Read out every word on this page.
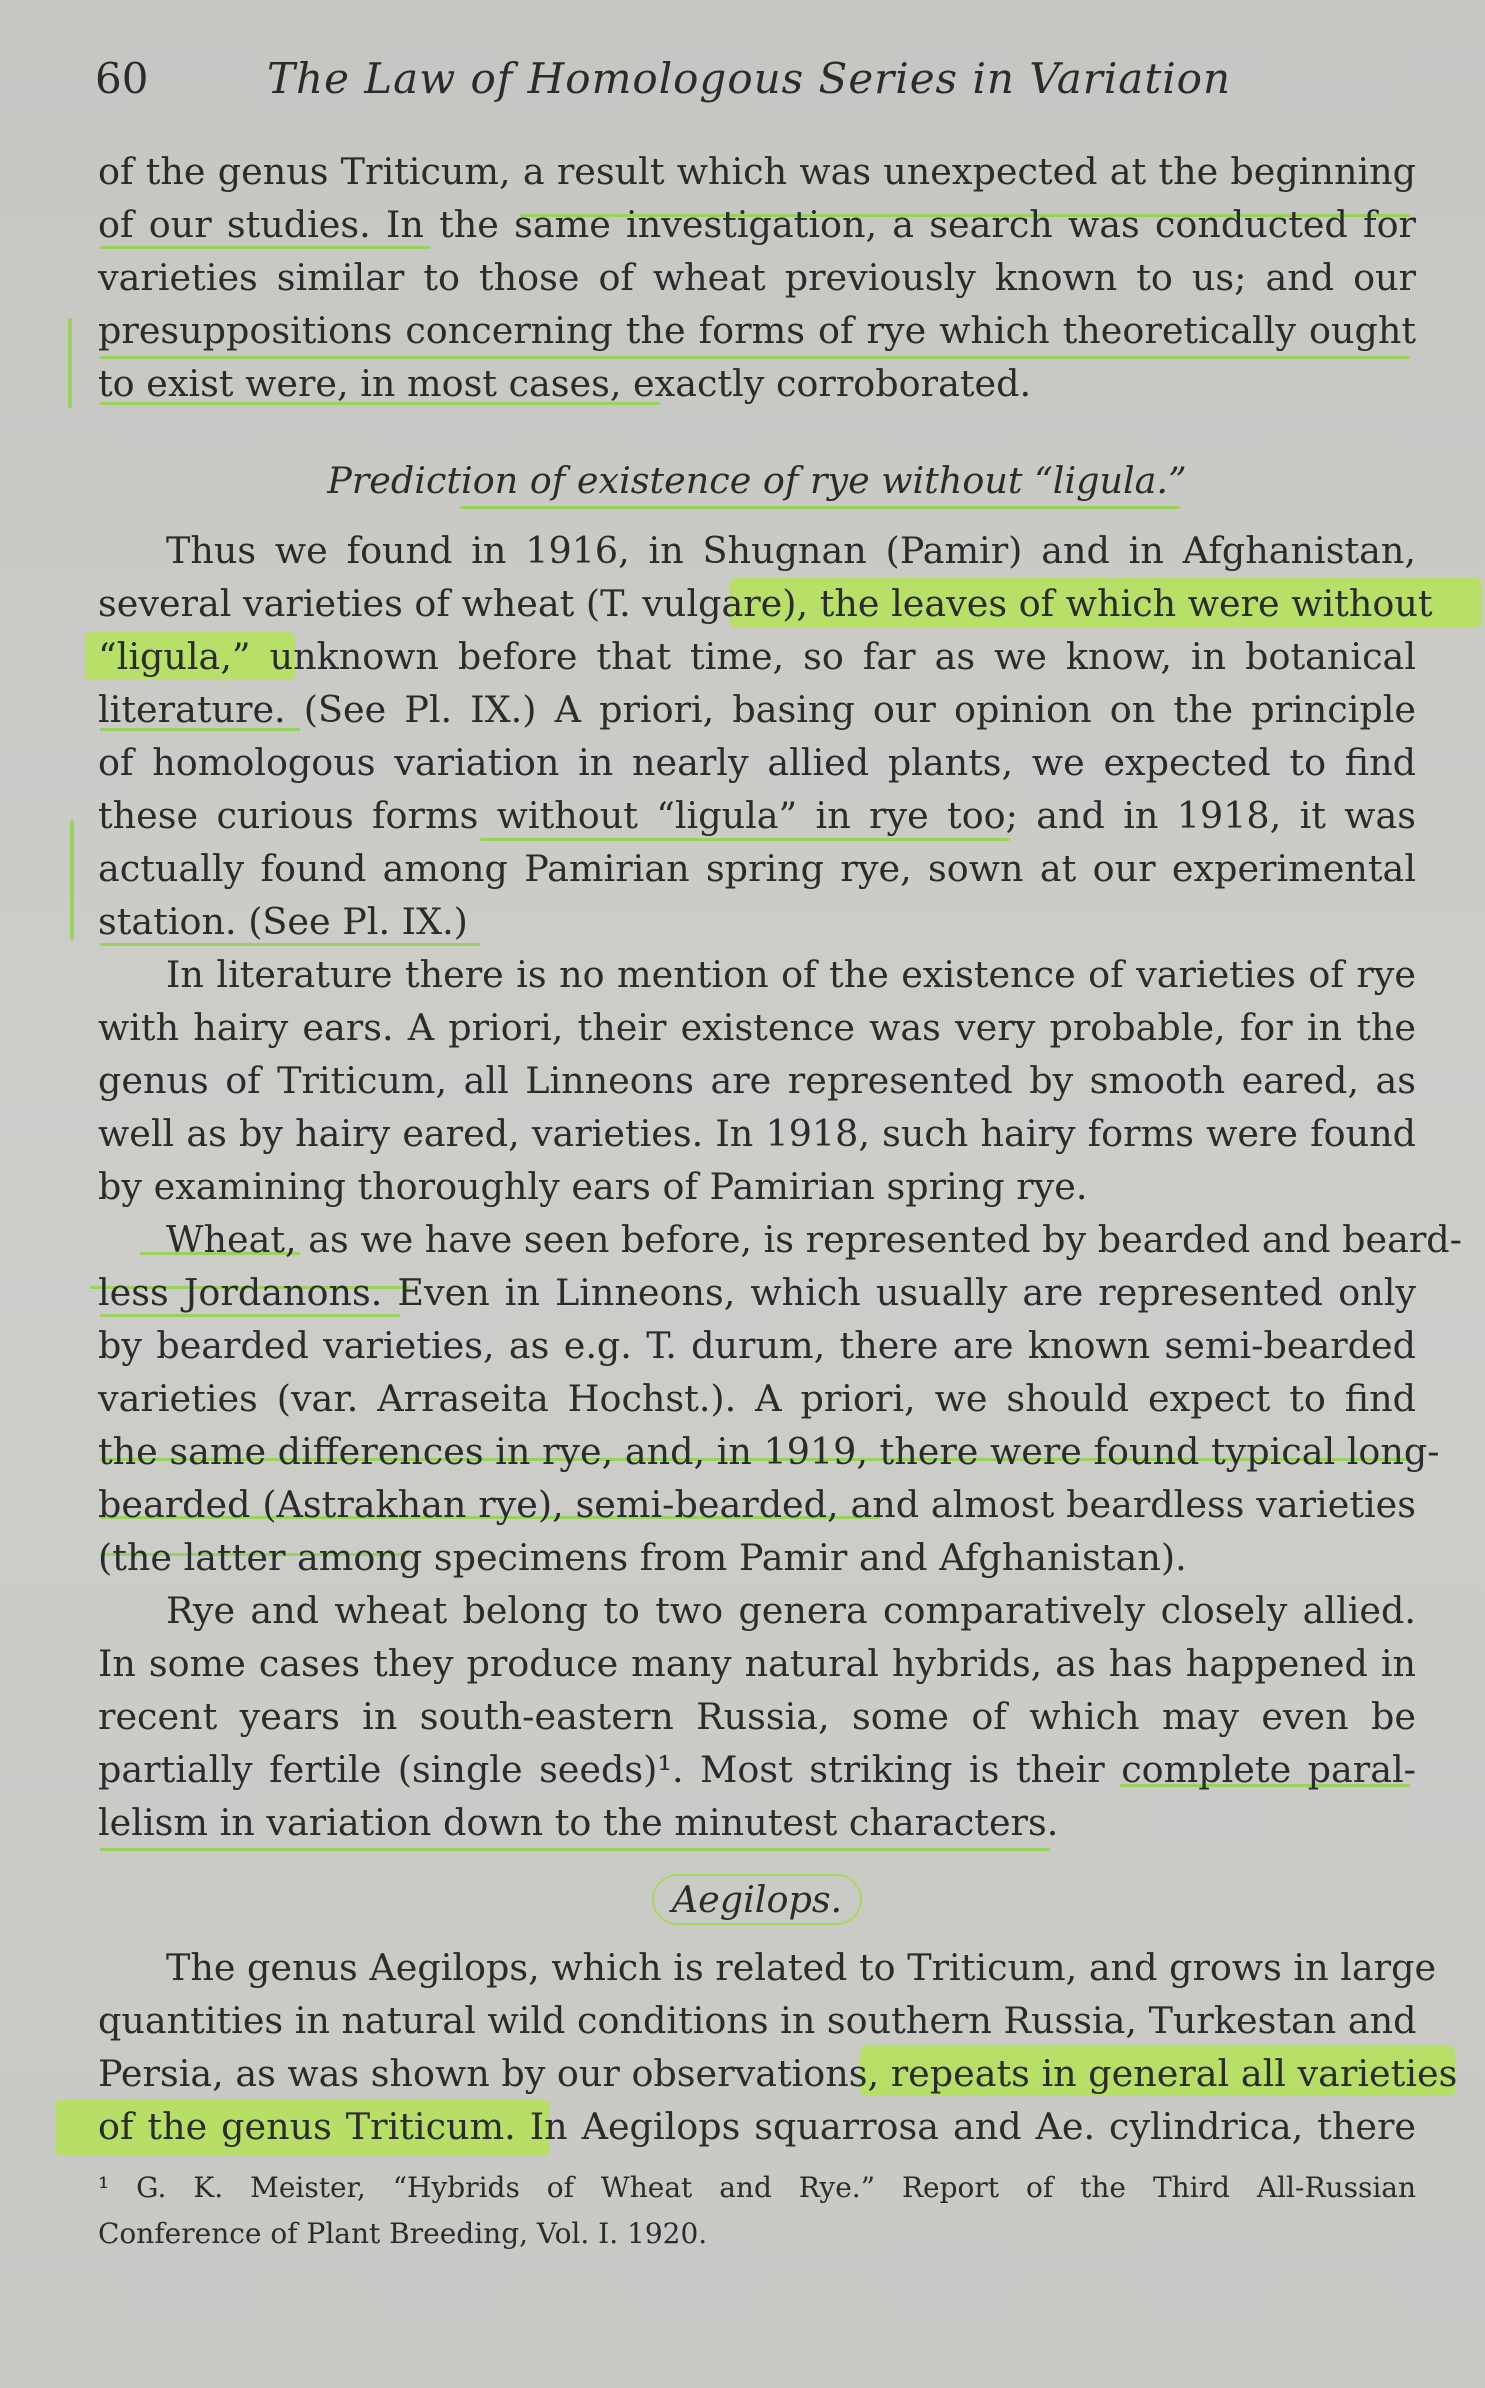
60	The Law of Homologous Series in Variation
of the genus Triticum, a result which was unexpected at the beginning
of our studies. In the same investigation, a search was conducted for
varieties similar to those of wheat previously known to us; and our
presuppositions concerning the forms of rye which theoretically ought
to exist were, in most cases, exactly corroborated.
Prediction of existence of rye without “ligula.”
Thus we found in 1916, in Shugnan (Pamir) and in Afghanistan,
several varieties of wheat (T. vulgare), the leaves of which were without
“ligula,” unknown before that time, so far as we know, in botanical
literature. (See Pl. IX.) A priori, basing our opinion on the principle
of homologous variation in nearly allied plants, we expected to find
these curious forms without “ligula” in rye too; and in 1918, it was
actually found among Pamirian spring rye, sown at our experimental
station. (See Pl. IX.)
In literature there is no mention of the existence of varieties of rye
with hairy ears. A priori, their existence was very probable, for in the
genus of Triticum, all Linneons are represented by smooth eared, as
well as by hairy eared, varieties. In 1918, such hairy forms were found
by examining thoroughly ears of Pamirian spring rye.
Wheat, as we have seen before, is represented by bearded and beard-
less Jordanons. Even in Linneons, which usually are represented only
by bearded varieties, as e.g. T. durum, there are known semi-bearded
varieties (var. Arraseita Hochst.). A priori, we should expect to find
the same differences in rye, and, in 1919, there were found typical long-
bearded (Astrakhan rye), semi-bearded, and almost beardless varieties
(the latter among specimens from Pamir and Afghanistan).
Rye and wheat belong to two genera comparatively closely allied.
In some cases they produce many natural hybrids, as has happened in
recent years in south-eastern Russia, some of which may even be
partially fertile (single seeds)¹. Most striking is their complete paral-
lelism in variation down to the minutest characters.
Aegilops.
The genus Aegilops, which is related to Triticum, and grows in large
quantities in natural wild conditions in southern Russia, Turkestan and
Persia, as was shown by our observations, repeats in general all varieties
of the genus Triticum. In Aegilops squarrosa and Ae. cylindrica, there
¹ G. K. Meister, “Hybrids of Wheat and Rye.” Report of the Third All-Russian
Conference of Plant Breeding, Vol. I. 1920.
